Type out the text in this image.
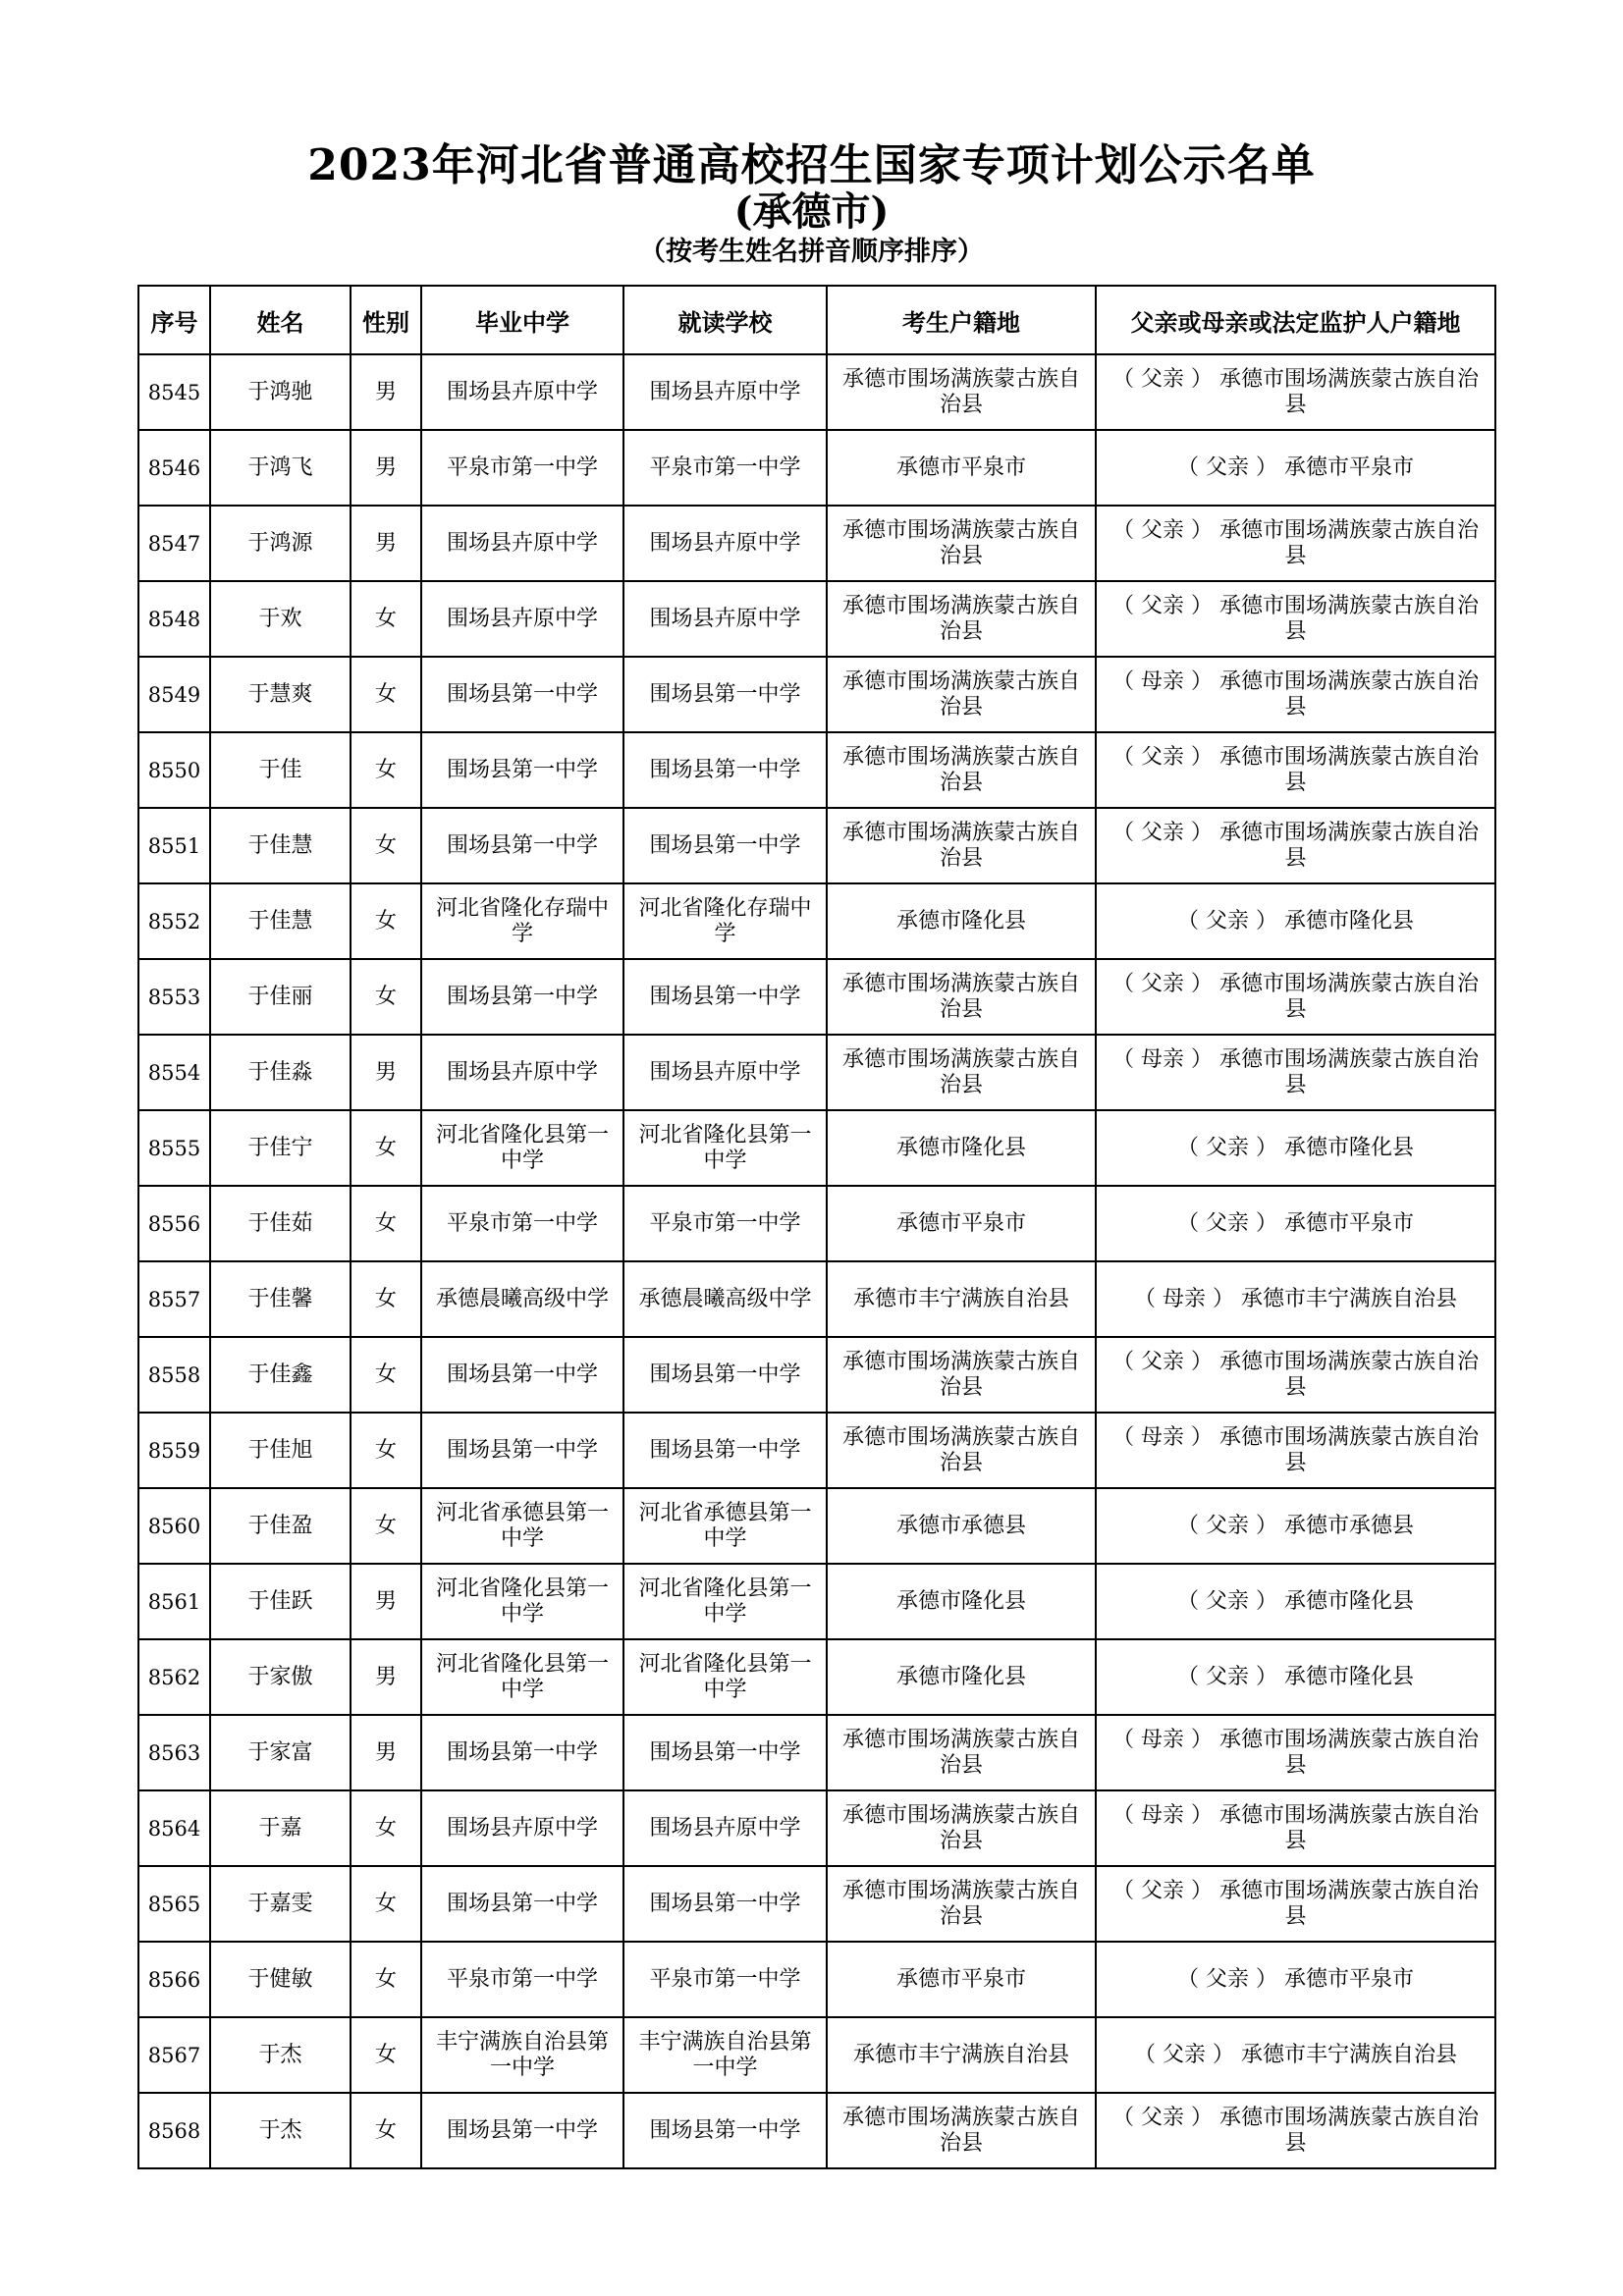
2023年河北省普通高校招生国家专项计划公示名单
(承德市)
（按考生姓名拼音顺序排序）
序号	姓名	性别	毕业中学	就读学校	考生户籍地	父亲或母亲或法定监护人户籍地
8545	于鸿驰	男	围场县卉原中学	围场县卉原中学	承德市围场满族蒙古族自治县	（ 父亲 ） 承德市围场满族蒙古族自治县
8546	于鸿飞	男	平泉市第一中学	平泉市第一中学	承德市平泉市	（ 父亲 ） 承德市平泉市
8547	于鸿源	男	围场县卉原中学	围场县卉原中学	承德市围场满族蒙古族自治县	（ 父亲 ） 承德市围场满族蒙古族自治县
8548	于欢	女	围场县卉原中学	围场县卉原中学	承德市围场满族蒙古族自治县	（ 父亲 ） 承德市围场满族蒙古族自治县
8549	于慧爽	女	围场县第一中学	围场县第一中学	承德市围场满族蒙古族自治县	（ 母亲 ） 承德市围场满族蒙古族自治县
8550	于佳	女	围场县第一中学	围场县第一中学	承德市围场满族蒙古族自治县	（ 父亲 ） 承德市围场满族蒙古族自治县
8551	于佳慧	女	围场县第一中学	围场县第一中学	承德市围场满族蒙古族自治县	（ 父亲 ） 承德市围场满族蒙古族自治县
8552	于佳慧	女	河北省隆化存瑞中学	河北省隆化存瑞中学	承德市隆化县	（ 父亲 ） 承德市隆化县
8553	于佳丽	女	围场县第一中学	围场县第一中学	承德市围场满族蒙古族自治县	（ 父亲 ） 承德市围场满族蒙古族自治县
8554	于佳淼	男	围场县卉原中学	围场县卉原中学	承德市围场满族蒙古族自治县	（ 母亲 ） 承德市围场满族蒙古族自治县
8555	于佳宁	女	河北省隆化县第一中学	河北省隆化县第一中学	承德市隆化县	（ 父亲 ） 承德市隆化县
8556	于佳茹	女	平泉市第一中学	平泉市第一中学	承德市平泉市	（ 父亲 ） 承德市平泉市
8557	于佳馨	女	承德晨曦高级中学	承德晨曦高级中学	承德市丰宁满族自治县	（ 母亲 ） 承德市丰宁满族自治县
8558	于佳鑫	女	围场县第一中学	围场县第一中学	承德市围场满族蒙古族自治县	（ 父亲 ） 承德市围场满族蒙古族自治县
8559	于佳旭	女	围场县第一中学	围场县第一中学	承德市围场满族蒙古族自治县	（ 母亲 ） 承德市围场满族蒙古族自治县
8560	于佳盈	女	河北省承德县第一中学	河北省承德县第一中学	承德市承德县	（ 父亲 ） 承德市承德县
8561	于佳跃	男	河北省隆化县第一中学	河北省隆化县第一中学	承德市隆化县	（ 父亲 ） 承德市隆化县
8562	于家傲	男	河北省隆化县第一中学	河北省隆化县第一中学	承德市隆化县	（ 父亲 ） 承德市隆化县
8563	于家富	男	围场县第一中学	围场县第一中学	承德市围场满族蒙古族自治县	（ 母亲 ） 承德市围场满族蒙古族自治县
8564	于嘉	女	围场县卉原中学	围场县卉原中学	承德市围场满族蒙古族自治县	（ 母亲 ） 承德市围场满族蒙古族自治县
8565	于嘉雯	女	围场县第一中学	围场县第一中学	承德市围场满族蒙古族自治县	（ 父亲 ） 承德市围场满族蒙古族自治县
8566	于健敏	女	平泉市第一中学	平泉市第一中学	承德市平泉市	（ 父亲 ） 承德市平泉市
8567	于杰	女	丰宁满族自治县第一中学	丰宁满族自治县第一中学	承德市丰宁满族自治县	（ 父亲 ） 承德市丰宁满族自治县
8568	于杰	女	围场县第一中学	围场县第一中学	承德市围场满族蒙古族自治县	（ 父亲 ） 承德市围场满族蒙古族自治县
